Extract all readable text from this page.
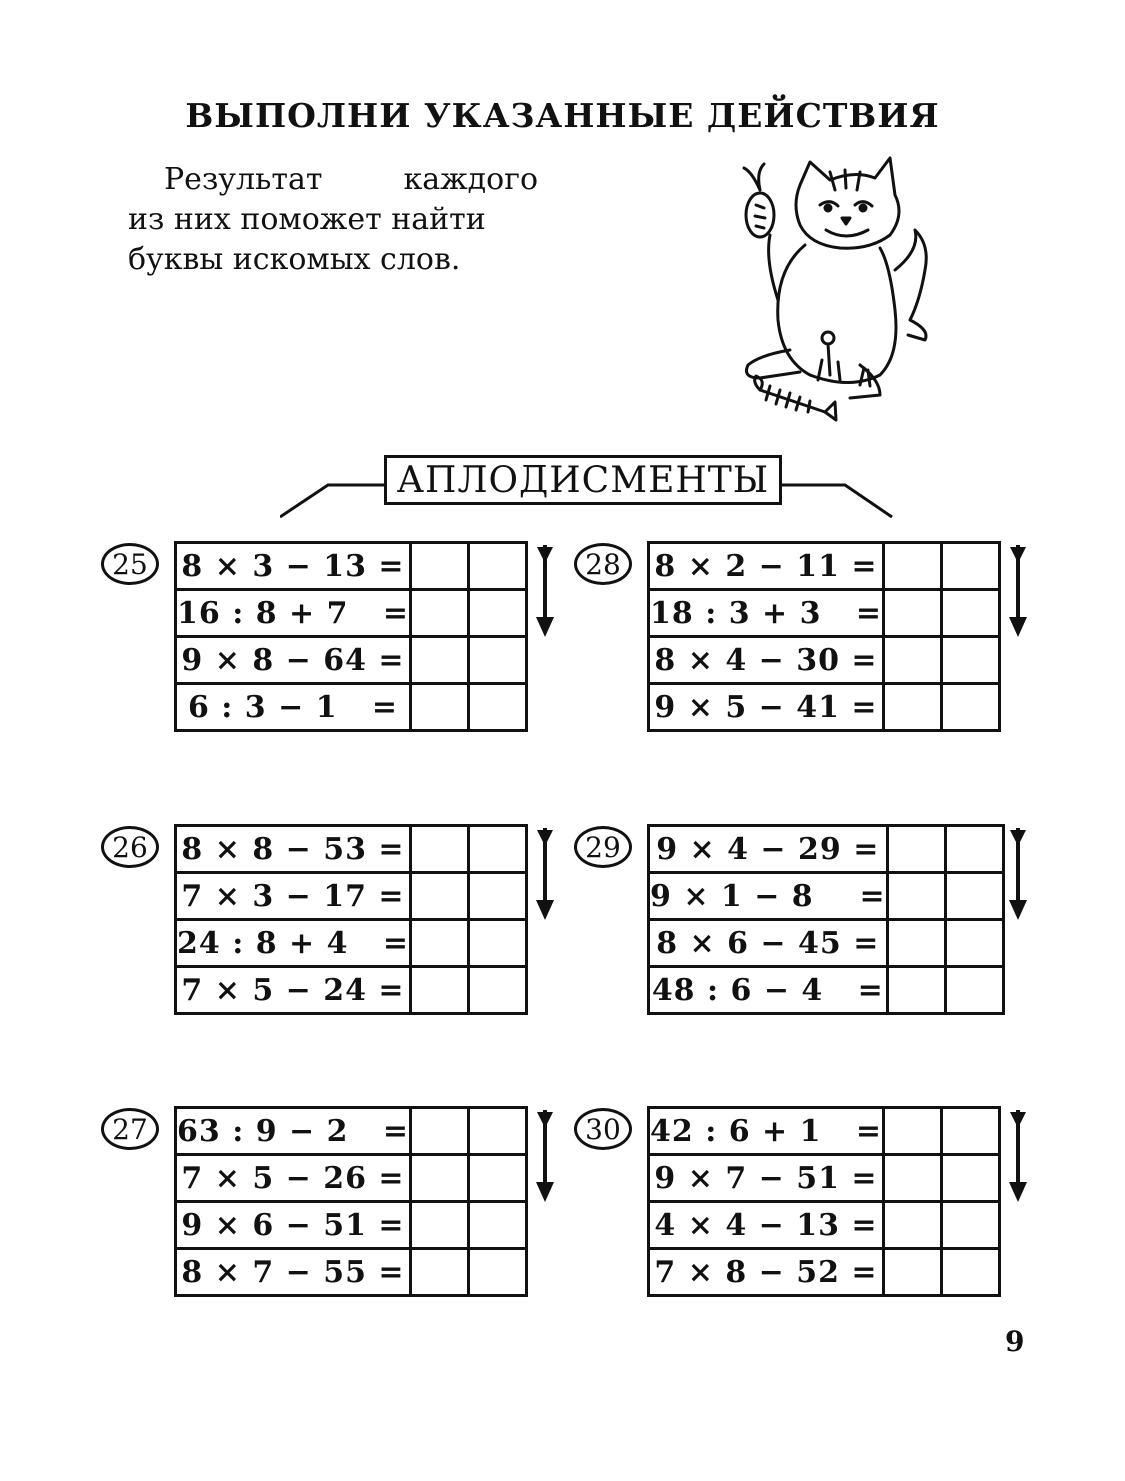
ВЫПОЛНИ УКАЗАННЫЕ ДЕЙСТВИЯ
Результат	каждого
из них поможет найти
буквы искомых слов.
АПЛОДИСМЕНТЫ
25	8 × 3 − 13 =		
16 : 8 + 7   =		
9 × 8 − 64 =		
6 : 3 − 1   =		
28	8 × 2 − 11 =		
18 : 3 + 3   =		
8 × 4 − 30 =		
9 × 5 − 41 =		
26	8 × 8 − 53 =		
7 × 3 − 17 =		
24 : 8 + 4   =		
7 × 5 − 24 =		
29	9 × 4 − 29 =		
9 × 1 − 8    =		
8 × 6 − 45 =		
48 : 6 − 4   =		
27 63 : 9 − 2   =		
7 × 5 − 26 =		
9 × 6 − 51 =		
8 × 7 − 55 =		
30 42 : 6 + 1   =		
9 × 7 − 51 =		
4 × 4 − 13 =		
7 × 8 − 52 =		
9
